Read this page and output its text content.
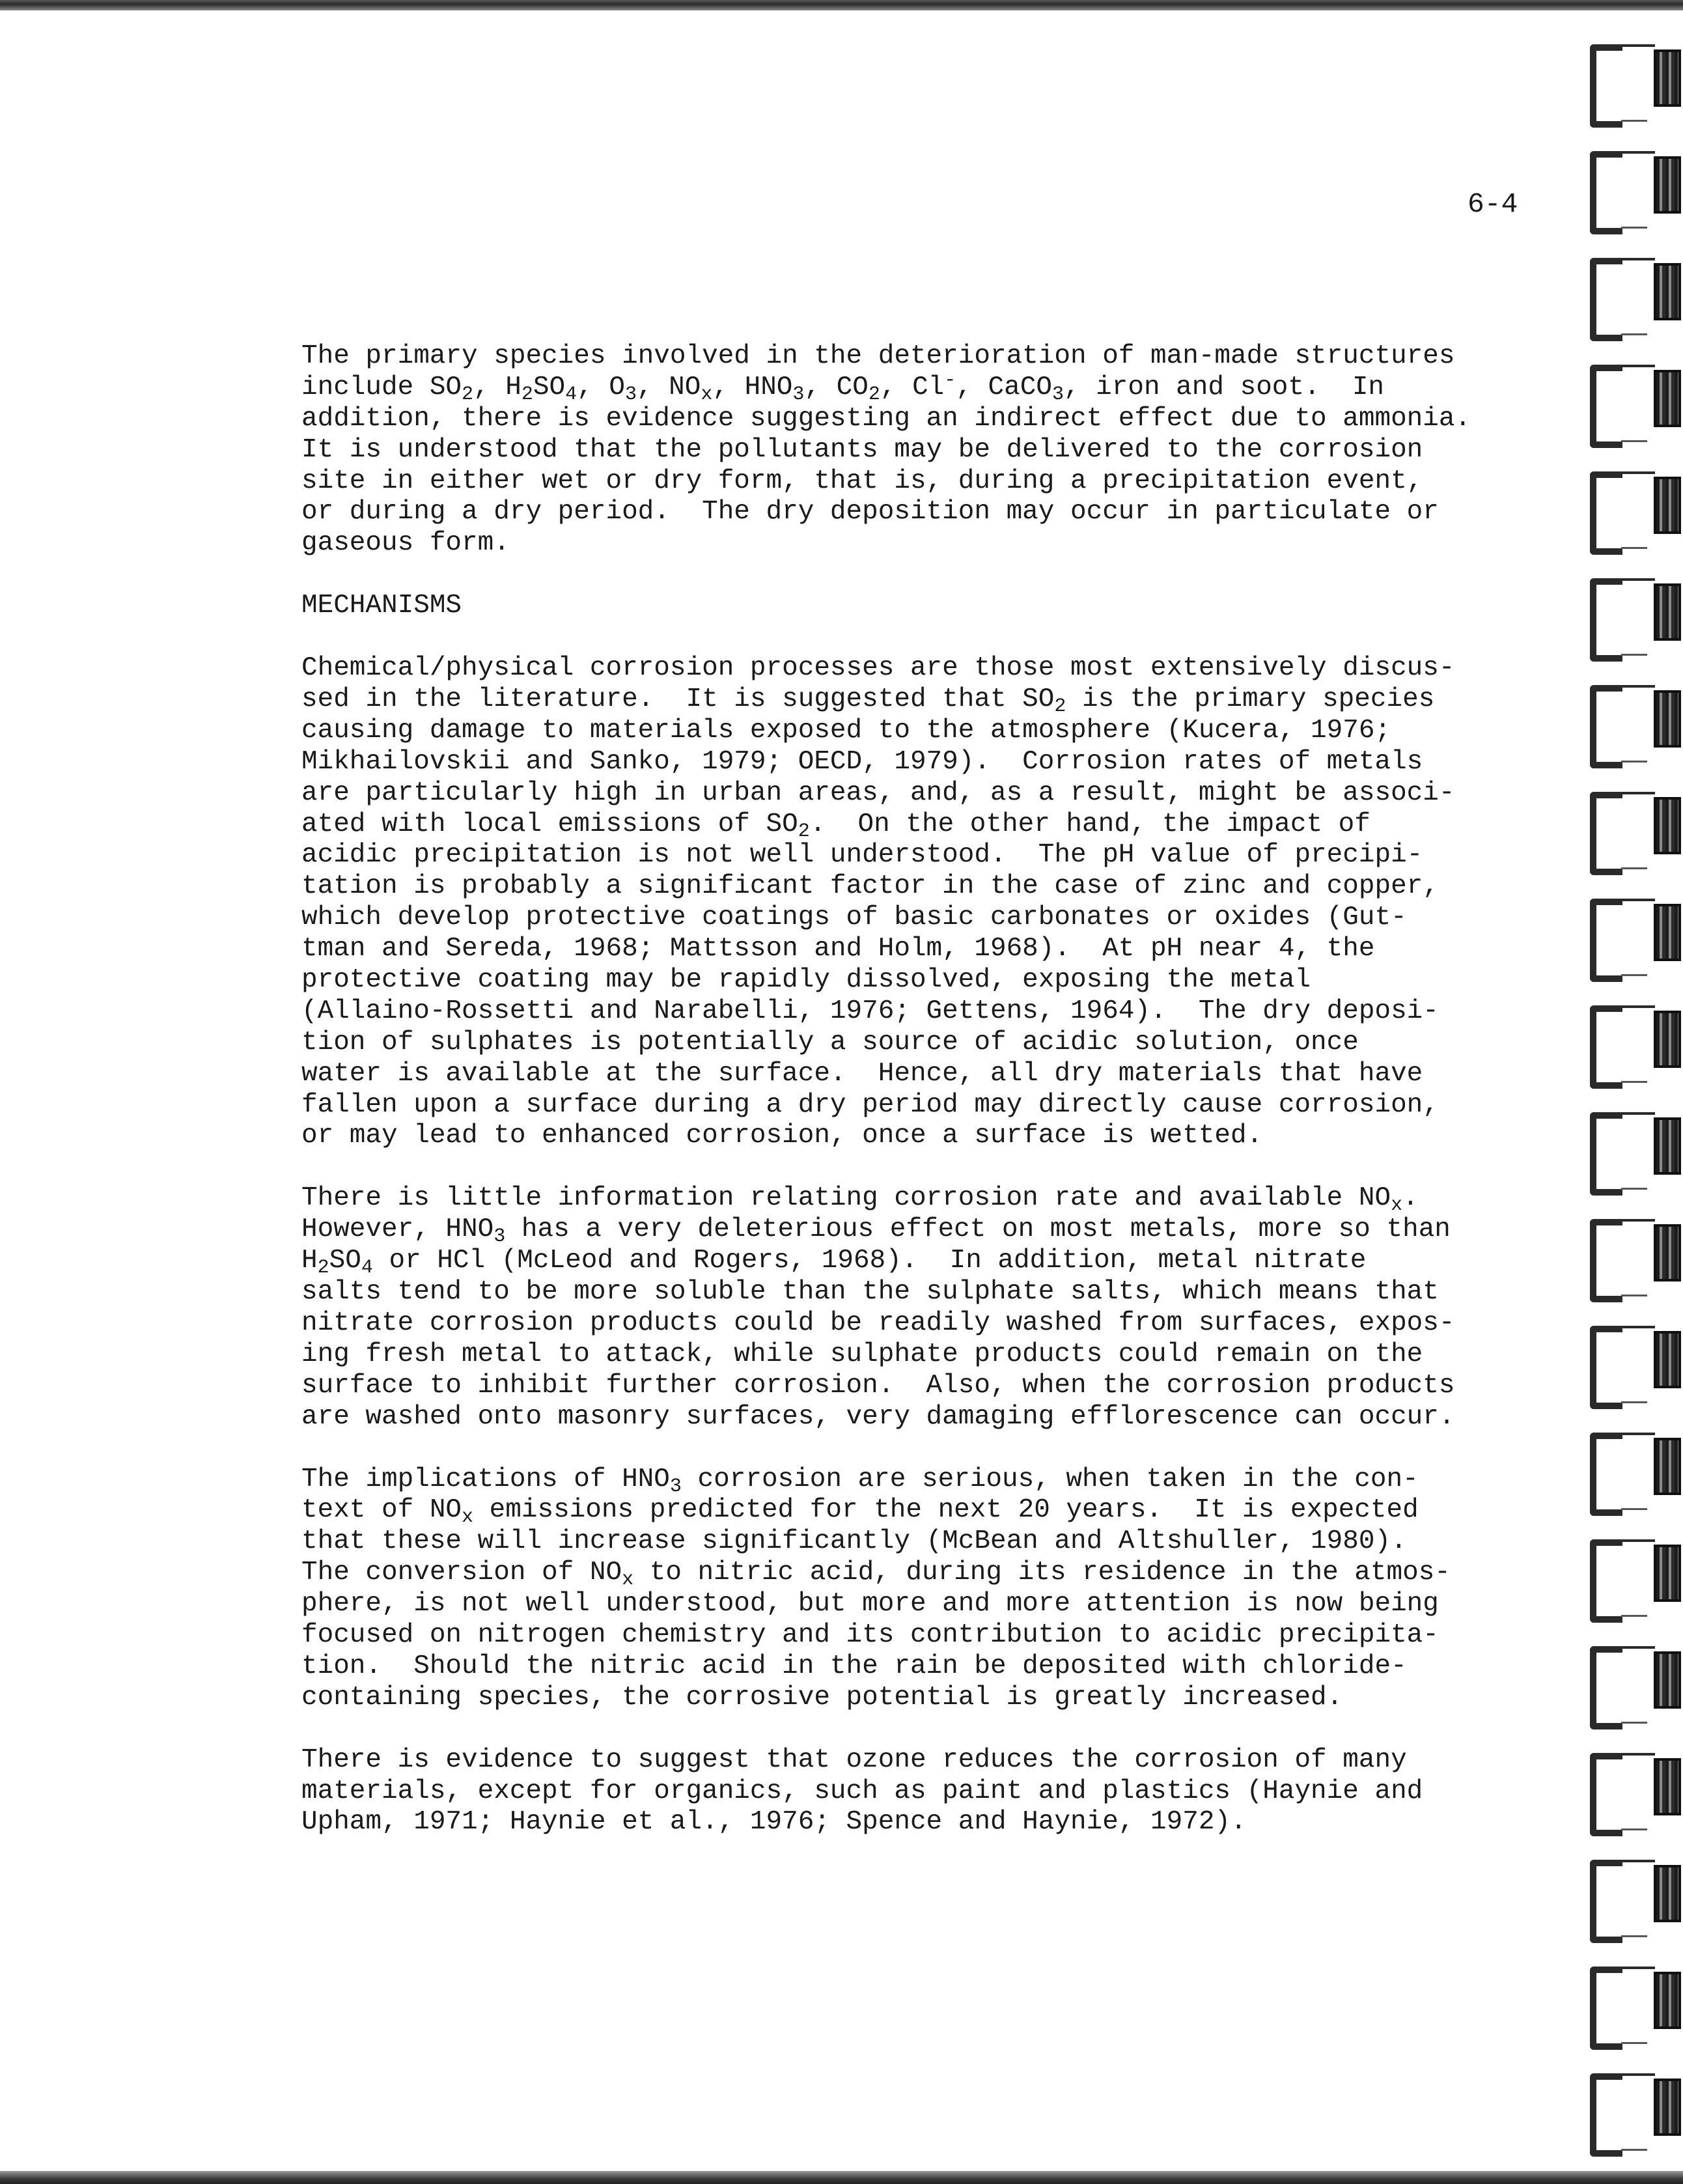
6-4
The primary species involved in the deterioration of man-made structures
include $SO_2$, $H_2SO_4$, $O_3$, $NO_x$, $HNO_3$, $CO_2$, Cl-, CaCO$_3$, iron and soot.  In
addition, there is evidence suggesting an indirect effect due to ammonia.
It is understood that the pollutants may be delivered to the corrosion
site in either wet or dry form, that is, during a precipitation event,
or during a dry period.  The dry deposition may occur in particulate or
gaseous form.
MECHANISMS
Chemical/physical corrosion processes are those most extensively discus-
sed in the literature.  It is suggested that $SO_2$ is the primary species
causing damage to materials exposed to the atmosphere (Kucera, 1976;
Mikhailovskii and Sanko, 1979; OECD, 1979).  Corrosion rates of metals
are particularly high in urban areas, and, as a result, might be associ-
ated with local emissions of $SO_2$.  On the other hand, the impact of
acidic precipitation is not well understood.  The pH value of precipi-
tation is probably a significant factor in the case of zinc and copper,
which develop protective coatings of basic carbonates or oxides (Gut-
tman and Sereda, 1968; Mattsson and Holm, 1968).  At pH near 4, the
protective coating may be rapidly dissolved, exposing the metal
(Allaino-Rossetti and Narabelli, 1976; Gettens, 1964).  The dry deposi-
tion of sulphates is potentially a source of acidic solution, once
water is available at the surface.  Hence, all dry materials that have
fallen upon a surface during a dry period may directly cause corrosion,
or may lead to enhanced corrosion, once a surface is wetted.
There is little information relating corrosion rate and available $NO_x$.
However, $HNO_3$ has a very deleterious effect on most metals, more so than
$H_2SO_4$ or HCl (McLeod and Rogers, 1968).  In addition, metal nitrate
salts tend to be more soluble than the sulphate salts, which means that
nitrate corrosion products could be readily washed from surfaces, expos-
ing fresh metal to attack, while sulphate products could remain on the
surface to inhibit further corrosion.  Also, when the corrosion products
are washed onto masonry surfaces, very damaging efflorescence can occur.
The implications of $HNO_3$ corrosion are serious, when taken in the con-
text of $NO_x$ emissions predicted for the next 20 years.  It is expected
that these will increase significantly (McBean and Altshuller, 1980).
The conversion of $NO_x$ to nitric acid, during its residence in the atmos-
phere, is not well understood, but more and more attention is now being
focused on nitrogen chemistry and its contribution to acidic precipita-
tion.  Should the nitric acid in the rain be deposited with chloride-
containing species, the corrosive potential is greatly increased.
There is evidence to suggest that ozone reduces the corrosion of many
materials, except for organics, such as paint and plastics (Haynie and
Upham, 1971; Haynie et al., 1976; Spence and Haynie, 1972).
